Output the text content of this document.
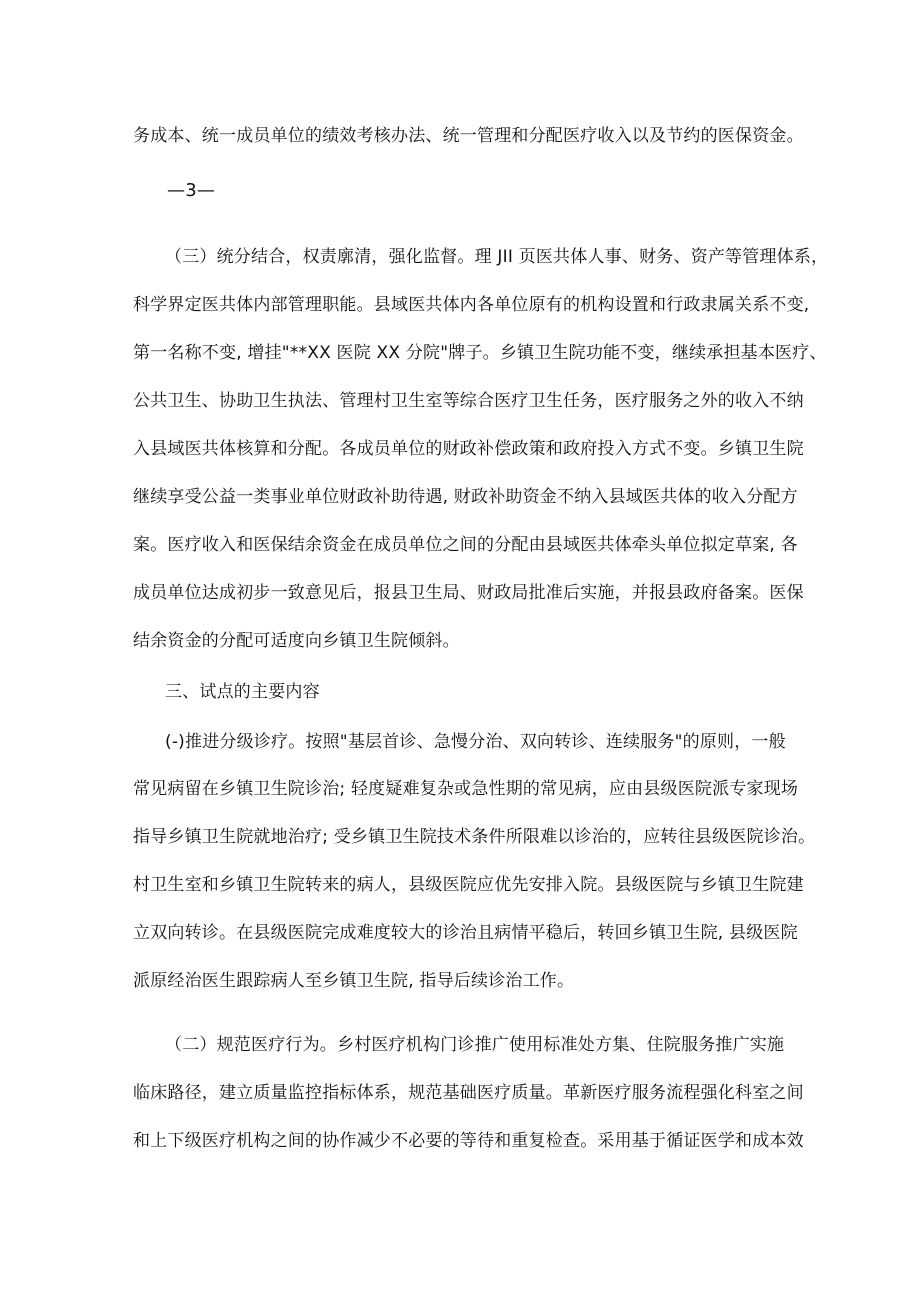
务成本、统一成员单位的绩效考核办法、统一管理和分配医疗收入以及节约的医保资金。
—3—
（三）统分结合，权责廓清，强化监督。理 JII 页医共体人事、财务、资产等管理体系，
科学界定医共体内部管理职能。县域医共体内各单位原有的机构设置和行政隶属关系不变,
第一名称不变, 增挂"**XX 医院 XX 分院"牌子。乡镇卫生院功能不变，继续承担基本医疗、
公共卫生、协助卫生执法、管理村卫生室等综合医疗卫生任务，医疗服务之外的收入不纳
入县域医共体核算和分配。各成员单位的财政补偿政策和政府投入方式不变。乡镇卫生院
继续享受公益一类事业单位财政补助待遇, 财政补助资金不纳入县域医共体的收入分配方
案。医疗收入和医保结余资金在成员单位之间的分配由县域医共体牵头单位拟定草案, 各
成员单位达成初步一致意见后，报县卫生局、财政局批准后实施，并报县政府备案。医保
结余资金的分配可适度向乡镇卫生院倾斜。
三、试点的主要内容
(-)推进分级诊疗。按照"基层首诊、急慢分治、双向转诊、连续服务"的原则，一般
常见病留在乡镇卫生院诊治; 轻度疑难复杂或急性期的常见病，应由县级医院派专家现场
指导乡镇卫生院就地治疗; 受乡镇卫生院技术条件所限难以诊治的，应转往县级医院诊治。
村卫生室和乡镇卫生院转来的病人，县级医院应优先安排入院。县级医院与乡镇卫生院建
立双向转诊。在县级医院完成难度较大的诊治且病情平稳后，转回乡镇卫生院, 县级医院
派原经治医生跟踪病人至乡镇卫生院, 指导后续诊治工作。
（二）规范医疗行为。乡村医疗机构门诊推广使用标准处方集、住院服务推广实施
临床路径，建立质量监控指标体系，规范基础医疗质量。革新医疗服务流程强化科室之间
和上下级医疗机构之间的协作减少不必要的等待和重复检查。采用基于循证医学和成本效
